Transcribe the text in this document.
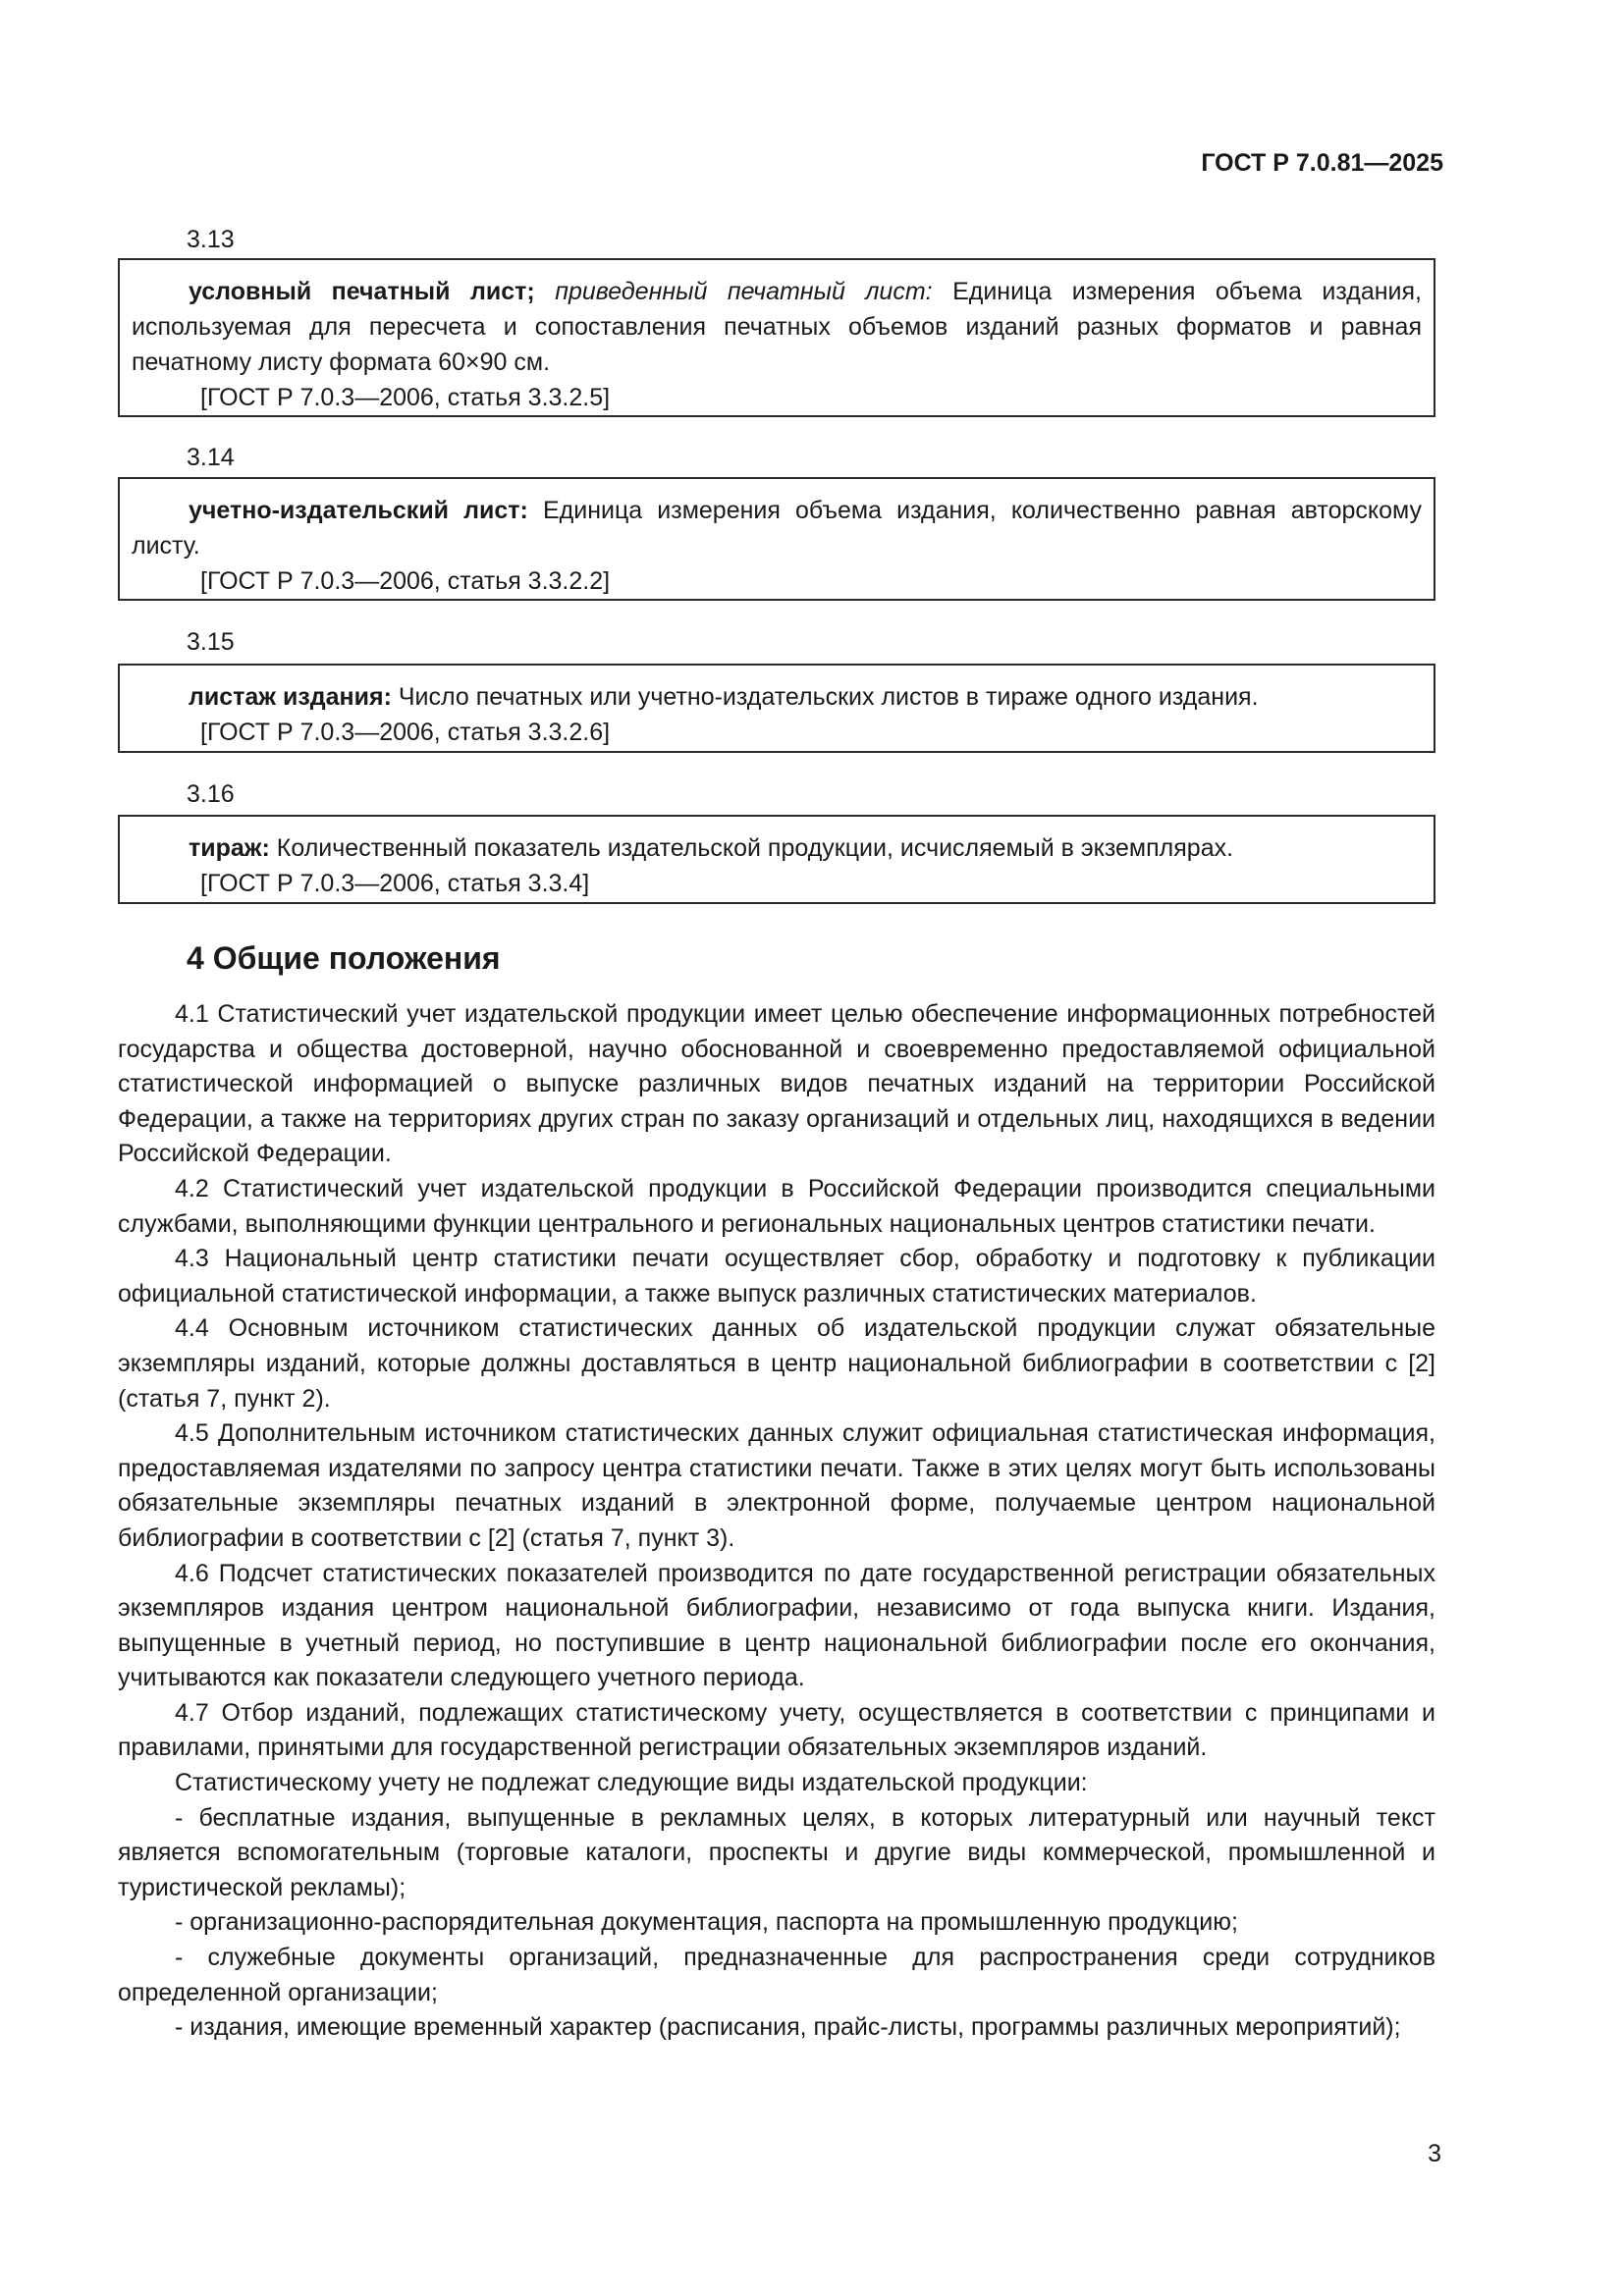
ГОСТ Р 7.0.81—2025
3.13

условный печатный лист; приведенный печатный лист: Единица измерения объема издания, используемая для пересчета и сопоставления печатных объемов изданий разных форматов и равная печатному листу формата 60×90 см.

[ГОСТ Р 7.0.3—2006, статья 3.3.2.5]

3.14

учетно-издательский лист: Единица измерения объема издания, количественно равная авторскому листу.

[ГОСТ Р 7.0.3—2006, статья 3.3.2.2]

3.15

листаж издания: Число печатных или учетно-издательских листов в тираже одного издания.

[ГОСТ Р 7.0.3—2006, статья 3.3.2.6]

3.16

тираж: Количественный показатель издательской продукции, исчисляемый в экземплярах.

[ГОСТ Р 7.0.3—2006, статья 3.3.4]

4 Общие положения

4.1 Статистический учет издательской продукции имеет целью обеспечение информационных потребностей государства и общества достоверной, научно обоснованной и своевременно предоставляемой официальной статистической информацией о выпуске различных видов печатных изданий на территории Российской Федерации, а также на территориях других стран по заказу организаций и отдельных лиц, находящихся в ведении Российской Федерации.

4.2 Статистический учет издательской продукции в Российской Федерации производится специальными службами, выполняющими функции центрального и региональных национальных центров статистики печати.

4.3 Национальный центр статистики печати осуществляет сбор, обработку и подготовку к публикации официальной статистической информации, а также выпуск различных статистических материалов.

4.4 Основным источником статистических данных об издательской продукции служат обязательные экземпляры изданий, которые должны доставляться в центр национальной библиографии в соответствии с [2] (статья 7, пункт 2).

4.5 Дополнительным источником статистических данных служит официальная статистическая информация, предоставляемая издателями по запросу центра статистики печати. Также в этих целях могут быть использованы обязательные экземпляры печатных изданий в электронной форме, получаемые центром национальной библиографии в соответствии с [2] (статья 7, пункт 3).

4.6 Подсчет статистических показателей производится по дате государственной регистрации обязательных экземпляров издания центром национальной библиографии, независимо от года выпуска книги. Издания, выпущенные в учетный период, но поступившие в центр национальной библиографии после его окончания, учитываются как показатели следующего учетного периода.

4.7 Отбор изданий, подлежащих статистическому учету, осуществляется в соответствии с принципами и правилами, принятыми для государственной регистрации обязательных экземпляров изданий.

Статистическому учету не подлежат следующие виды издательской продукции:

- бесплатные издания, выпущенные в рекламных целях, в которых литературный или научный текст является вспомогательным (торговые каталоги, проспекты и другие виды коммерческой, промышленной и туристической рекламы);

- организационно-распорядительная документация, паспорта на промышленную продукцию;

- служебные документы организаций, предназначенные для распространения среди сотрудников определенной организации;

- издания, имеющие временный характер (расписания, прайс-листы, программы различных мероприятий);

3
